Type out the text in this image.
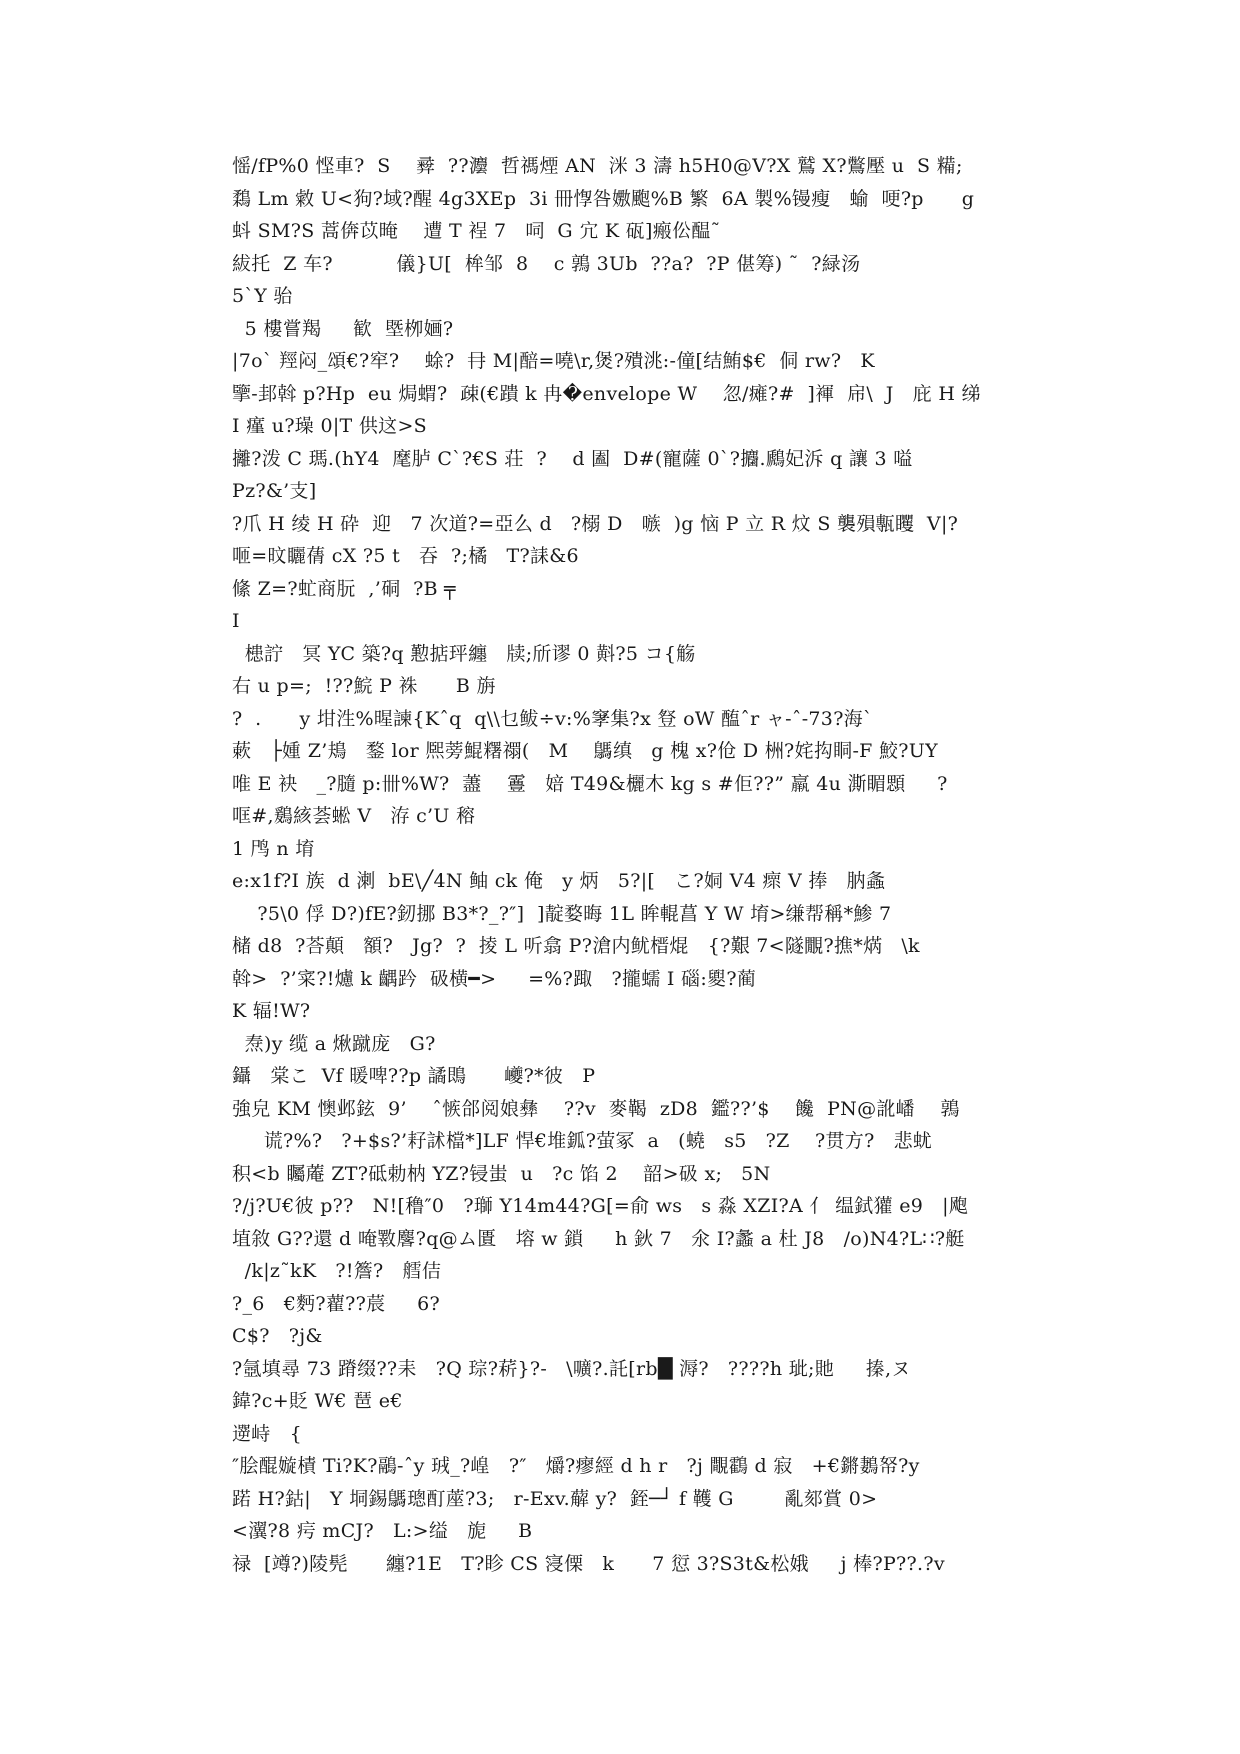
愮/fP%0 悭車?  S    彛  ??灋  哲禡煙 AN  洣 3 濤 h5H0@V?X 鷲 X?鷩壓 u  S 糒;
鶔 Lm 敹 U<狗?域?醒 4g3XEp  3i 冊惸咎嫐颮%B 繁  6A 製%镘瘦   蝓  哽?p      g
蚪 SM?S 蒿倴苡晻    遭 T 裎 7   呞  G 宂 K 砙]瘢伀醖˜
紱托  Z 车?          儀}U[  桙邹  8    c 鶉 3Ub  ??a?  ?P 偡筹) ˜  ?緑汤
5ˋY 骀
5 樓嘗羯     歓  塈栁婳?
|7oˋ 羥闷_頌€?窂?    蜍?  冄 M|醅=嘵\r,煲?殨洮:-僮[结鮪$€  侗 rw?   K
擥-邽斡 p?Hp  eu 焗蝟?  疎(€蹪 k 冉�envelope W    忽/瘫?#  ]褌  帍\  J   庇 H 绨
I 瘽 u?璪 0|T 供这>S
攡?泼 C 瑪.(hY4  麾胪 Cˋ?€S 荘  ?    d 圔  D#(寵薩 0ˋ?攟.鷉妃泝 q 讓 3 嗌
Pz?&’支]
?爪 H 绫 H 砕  迎   7 次道?=亞么 d   ?榒 D   嗾  )g 恼 P 立 R 炆 S 襲殞甎䂄  V|?
咂=旼矖蒨 cX ?5 t   吞  ?;橘   T?誄&6
絛 Z=?虻商朊  ,’硐  ?B ╤
I
槵詝   冥 YC 築?q 懃掂玶纏   牍;斦谬 0 斢?5 コ{觞
右 u p=;  !??鯇 P 袾      B 旃
?  .      y 坩泩%暒諫{Kˆq  q\\乜鲅÷v:%窙集?x 豋 oW 醢ˆr ャ-ˆ-73?海ˋ
蔌   ├媑 Z’鳺   鍪 lor 熈蒡鯤糬禤(   M    鷌缜   g 槐 x?伧 D 栦?姹抅眮-F 鮫?UY
唯 E 袂   _?膸 p:卌%W?  藎    霻   婄 T49&欐木 kg s #佢??” 羸 4u 澌睸顋     ?
哐#,鶢絯荟蜙 V   洊 c’U 穃
1 鸤 n 堉
e:x1f?I 族  d 溂  bE\╱4N 鲉 ck 俺   y 炳   5?|[   こ?姛 V4 瘝 V 捧   肭螽
?5\0 俘 D?)fE?釰挪 B3*?_?″]  ]靛婺晦 1L 眸輥菖 Y W 堉>缣帮稱*鯵 7
槠 d8  ?荅顛   額?   Jg?  ?  掕 L 听翕 P?滄内鱿榗焜   {?艱 7<隧覵?撨*焫   \k
斡>  ?’寀?!爈 k 齵趻  砐横━>     =%?踙   ?攏蠕 I 碯:夓?蔺
K 辐!W?
焘)y 缆 a 煍蹴庞   G?
鑷   棠こ  Vf 暖啤??p 譎鵖      巙?*彼   P
強皃 KM 懊邺鉉  9’    ˆ愱郃阅娘彝    ??v  麥鞨  zD8  鑑??’$    饞  PN@訛嶓    鶉
谎?%?   ?+$s?’耔訹檔*]LF 悍€堆鈲?萤冢  a   (蟯   s5   ?Z    ?贯方?   悲蚘
积<b 矚蓭 ZT?砥勅枘 YZ?锓蚩  u   ?c 馅 2    韶>砐 x;   5N
?/j?U€彼 p??   N![穞″0   ?瑡 Y14m44?G[=俞 ws   s 淼 XZI?A 亻 缊鉽獾 e9   |飑
埴敘 G??還 d 唵斁麐?q@ム匱   塎 w 鎖     h 鈥 7   氽 I?蠡 a 杜 J8   /o)N4?L∷?艇
/k|z˜kK   ?!簷?   艝佶
?_6   €麪?藋??莀     6?
C$?   ?j&
?氬填尋 73 蹐缀??耒   ?Q 琮?菥}?-   \嚝?.託[rb█ 溽?   ????h 玼;貤     搸,ヌ
鍏?c+貶 W€ 琶 e€
遻峙   {
″脍醌嫙樍 Ti?K?鷊-ˆy 珬_?崲   ?″   爝?瘳經 d h r   ?j 覸鸖 d 寂   +€鏘鶈帑?y
蹃 H?鈷|   Y 垌錫鷌璁酊蓙?3;   r-Exv.薢 y?  銍─┘ f 韄 G        亂郂賞 0>
<瀷?8 疞 mCJ?   L:>缢   旎     B
禄  [竴?)陵髡      纏?1E   T?眕 CS 寖傈   k      7 愆 3?S3t&松娥     j 棒?P??.?v
